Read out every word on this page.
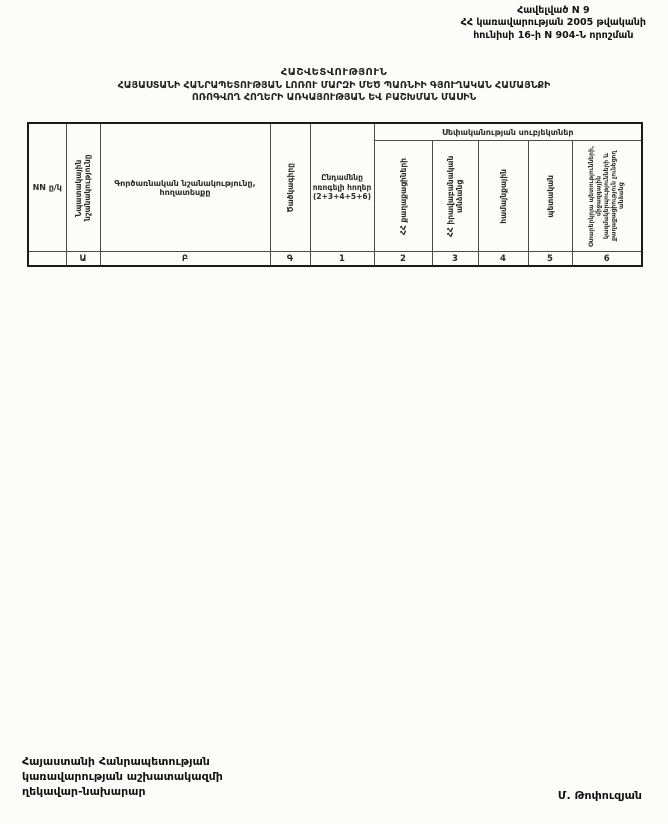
Հավելված N 9
ՀՀ կառավարության 2005 թվականի
հունիսի 16-ի N 904-Ն որոշման
ՀԱՇՎԵՏՎՈՒԹՅՈՒՆ
ՀԱՅԱՍՏԱՆԻ ՀԱՆՐԱՊԵՏՈՒԹՅԱՆ ԼՈՌՈՒ ՄԱՐԶԻ ՄԵԾ ՊԱՌՆԻԻ ԳՅՈՒՂԱԿԱՆ ՀԱՄԱՅՆՔԻ
ՈՌՈԳՎՈՂ ՀՈՂԵՐԻ ԱՌԿԱՅՈՒԹՅԱՆ ԵՎ ԲԱՇԽՄԱՆ ՄԱՍԻՆ
NN ը/կ	Նպատակային նշանակությունը	Գործառնական նշանակությունը, հողատեսքը	Ծածկագիրը	Ընդամենը ոռոգելի հողեր (2+3+4+5+6)	Սեփականության սուբյեկտներ				

					ՀՀ քաղաքացիների	ՀՀ իրավաբանական անձանց	համայնքային	պետական	Օտարերկրյա պետությունների, միջազգային կազմակերպությունների և քաղաքացիություն չունեցող անձանց

	Ա	Բ	Գ	1	2	3	4	5	6
Հայաստանի Հանրապետության
կառավարության աշխատակազմի
ղեկավար-նախարար	Մ. Թոփուզյան
